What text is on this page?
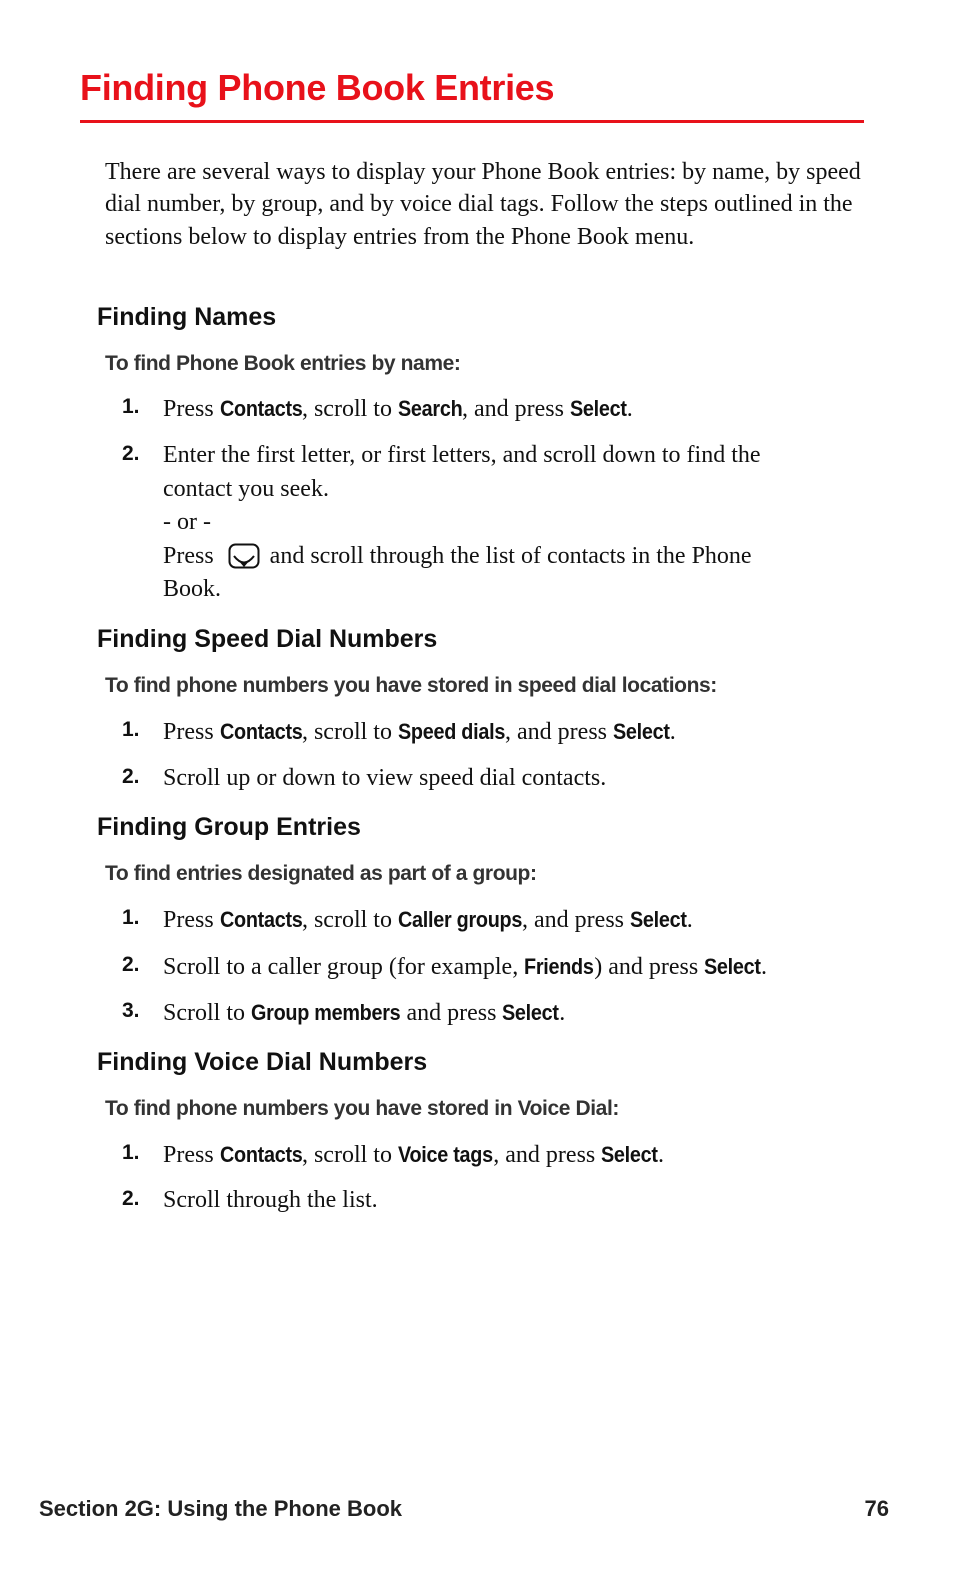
Finding Phone Book Entries

There are several ways to display your Phone Book entries: by name, by speed dial number, by group, and by voice dial tags. Follow the steps outlined in the sections below to display entries from the Phone Book menu.

Finding Names
To find Phone Book entries by name:
1. Press Contacts, scroll to Search, and press Select.
2. Enter the first letter, or first letters, and scroll down to find the
contact you seek.
- or -
Press and scroll through the list of contacts in the Phone
Book.
Finding Speed Dial Numbers
To find phone numbers you have stored in speed dial locations:
1. Press Contacts, scroll to Speed dials, and press Select.
2. Scroll up or down to view speed dial contacts.
Finding Group Entries
To find entries designated as part of a group:
1. Press Contacts, scroll to Caller groups, and press Select.
2. Scroll to a caller group (for example, Friends) and press Select.
3. Scroll to Group members and press Select.
Finding Voice Dial Numbers
To find phone numbers you have stored in Voice Dial:
1. Press Contacts, scroll to Voice tags, and press Select.
2. Scroll through the list.
Section 2G: Using the Phone Book	76
